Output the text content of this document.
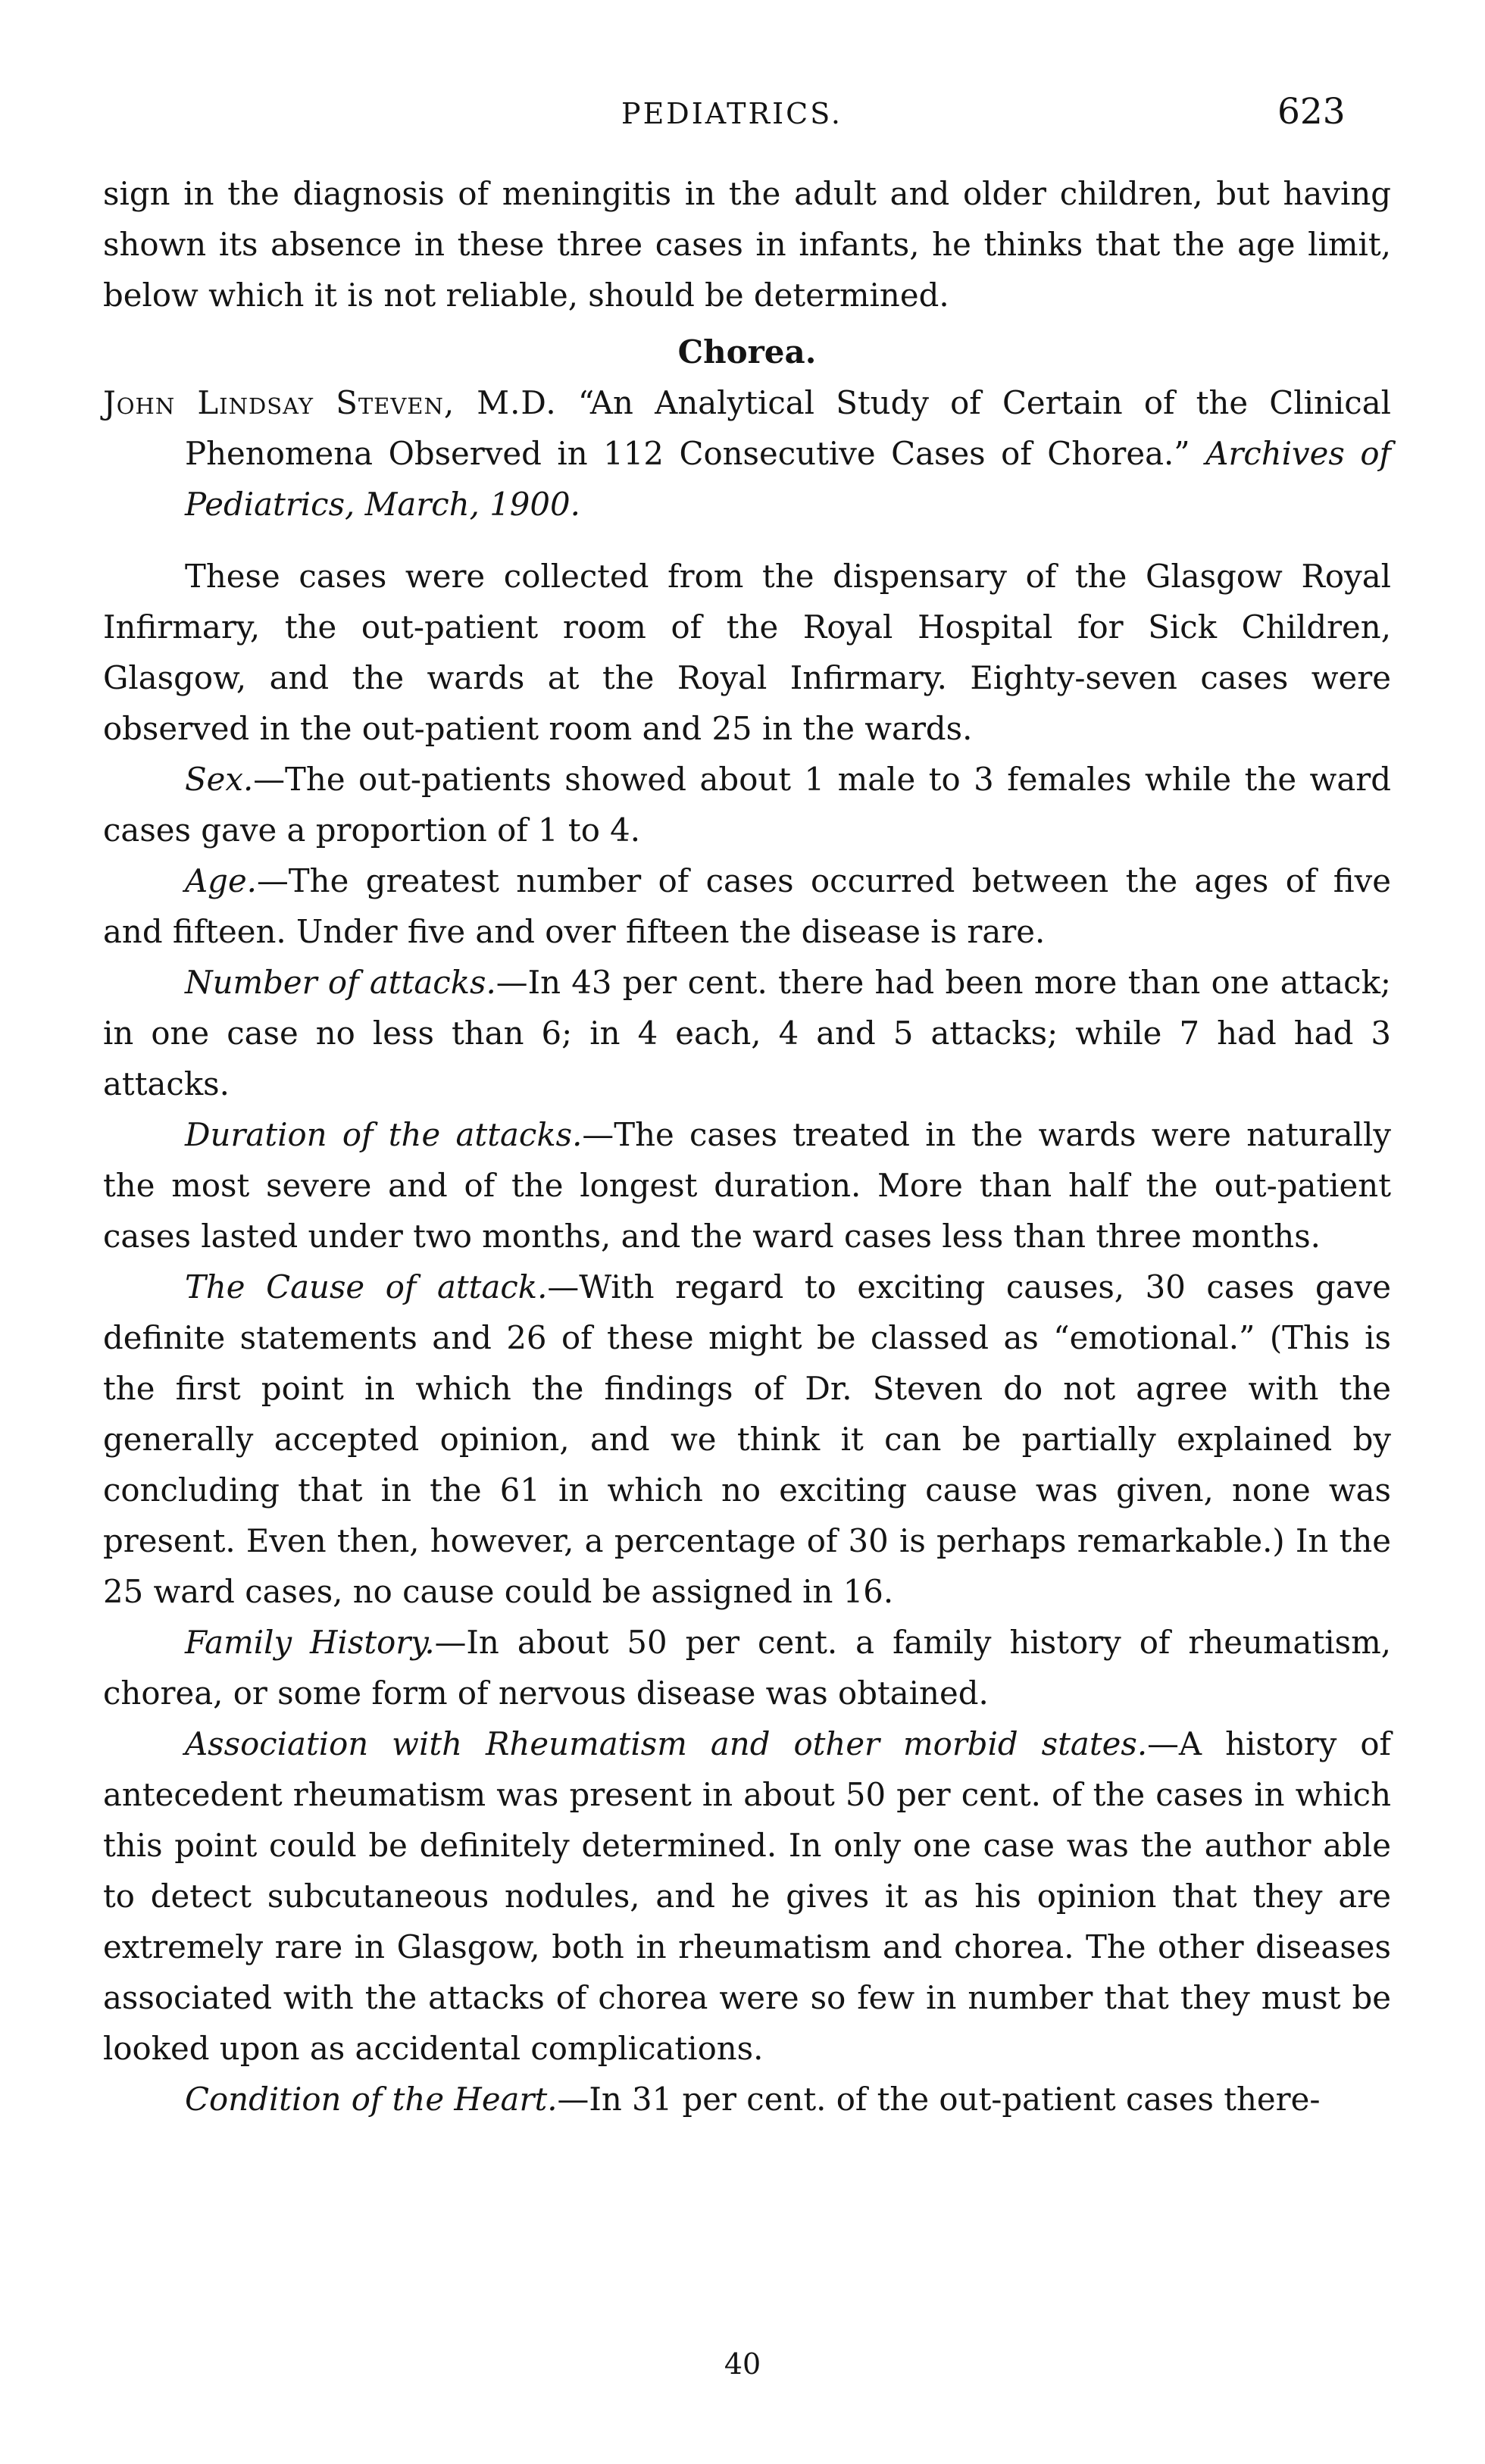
PEDIATRICS.	623

sign in the diagnosis of meningitis in the adult and older children, but having shown its absence in these three cases in infants, he thinks that the age limit, below which it is not reliable, should be determined.

Chorea.

John Lindsay Steven, M.D. “An Analytical Study of Certain of the Clinical Phenomena Observed in 112 Consecutive Cases of Chorea.” Archives of Pediatrics, March, 1900.

These cases were collected from the dispensary of the Glasgow Royal Infirmary, the out-patient room of the Royal Hospital for Sick Children, Glasgow, and the wards at the Royal Infirmary. Eighty-seven cases were observed in the out-patient room and 25 in the wards.

Sex.—The out-patients showed about 1 male to 3 females while the ward cases gave a proportion of 1 to 4.

Age.—The greatest number of cases occurred between the ages of five and fifteen. Under five and over fifteen the disease is rare.

Number of attacks.—In 43 per cent. there had been more than one attack; in one case no less than 6; in 4 each, 4 and 5 attacks; while 7 had had 3 attacks.

Duration of the attacks.—The cases treated in the wards were naturally the most severe and of the longest duration. More than half the out-patient cases lasted under two months, and the ward cases less than three months.

The Cause of attack.—With regard to exciting causes, 30 cases gave definite statements and 26 of these might be classed as “emotional.” (This is the first point in which the findings of Dr. Steven do not agree with the generally accepted opinion, and we think it can be partially explained by concluding that in the 61 in which no exciting cause was given, none was present. Even then, however, a percentage of 30 is perhaps remarkable.) In the 25 ward cases, no cause could be assigned in 16.

Family History.—In about 50 per cent. a family history of rheumatism, chorea, or some form of nervous disease was obtained.

Association with Rheumatism and other morbid states.—A history of antecedent rheumatism was present in about 50 per cent. of the cases in which this point could be definitely determined. In only one case was the author able to detect subcutaneous nodules, and he gives it as his opinion that they are extremely rare in Glasgow, both in rheumatism and chorea. The other diseases associated with the attacks of chorea were so few in number that they must be looked upon as accidental complications.

Condition of the Heart.—In 31 per cent. of the out-patient cases there-

40
